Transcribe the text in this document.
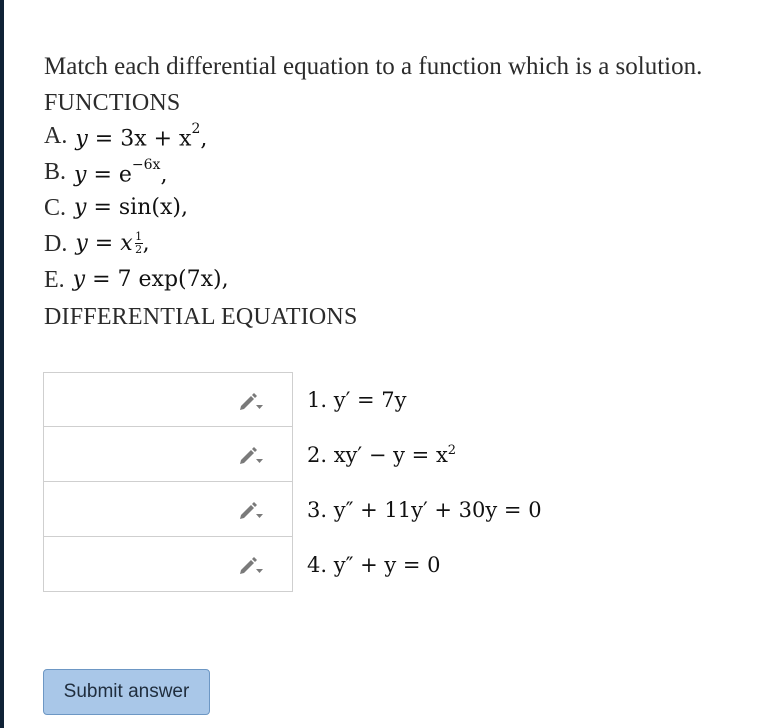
Match each differential equation to a function which is a solution.
FUNCTIONS
A. $y = 3x + x^2$,
B. $y = e^{-6x}$,
C. y = sin(x),
D. y = x $\frac{1}{2}$ ,
E. y = 7 exp(7x),
DIFFERENTIAL EQUATIONS
1. y′ = 7y
2. $xy' - y = x^2$
3. y″ + 11y′ + 30y = 0
4. y″ + y = 0
Submit answer
